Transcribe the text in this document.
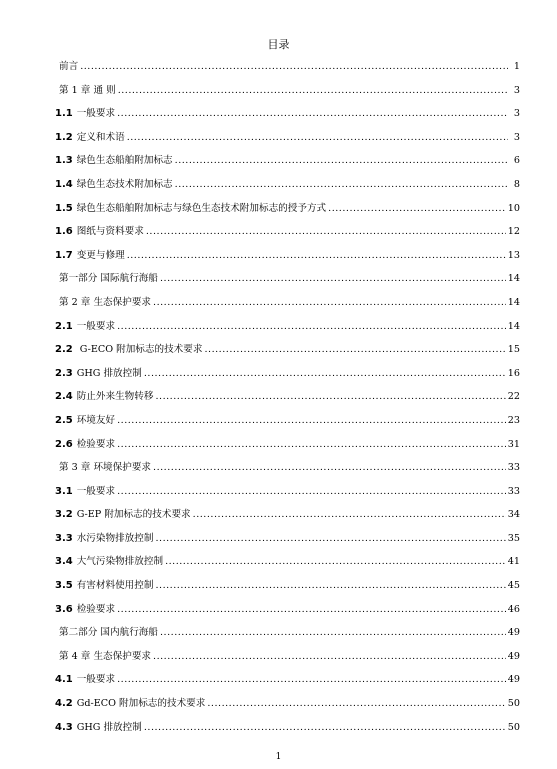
目录
前言 .....	1
第 1 章 通 则 .....	3
1.1 一般要求 .....	3
1.2 定义和术语 .....	3
1.3 绿色生态船舶附加标志 .....	6
1.4 绿色生态技术附加标志 .....	8
1.5 绿色生态船舶附加标志与绿色生态技术附加标志的授予方式 .....	10
1.6 图纸与资料要求 .....	12
1.7 变更与修理 .....	13
第一部分 国际航行海船 .....	14
第 2 章 生态保护要求 .....	14
2.1 一般要求 .....	14
2.2 G-ECO 附加标志的技术要求 .....	15
2.3 GHG 排放控制 .....	16
2.4 防止外来生物转移 .....	22
2.5 环境友好 .....	23
2.6 检验要求 .....	31
第 3 章 环境保护要求 .....	33
3.1 一般要求 .....	33
3.2 G-EP 附加标志的技术要求 .....	34
3.3 水污染物排放控制 .....	35
3.4 大气污染物排放控制 .....	41
3.5 有害材料使用控制 .....	45
3.6 检验要求 .....	46
第二部分 国内航行海船 .....	49
第 4 章 生态保护要求 .....	49
4.1 一般要求 .....	49
4.2 Gd-ECO 附加标志的技术要求 .....	50
4.3 GHG 排放控制 .....	50
1
